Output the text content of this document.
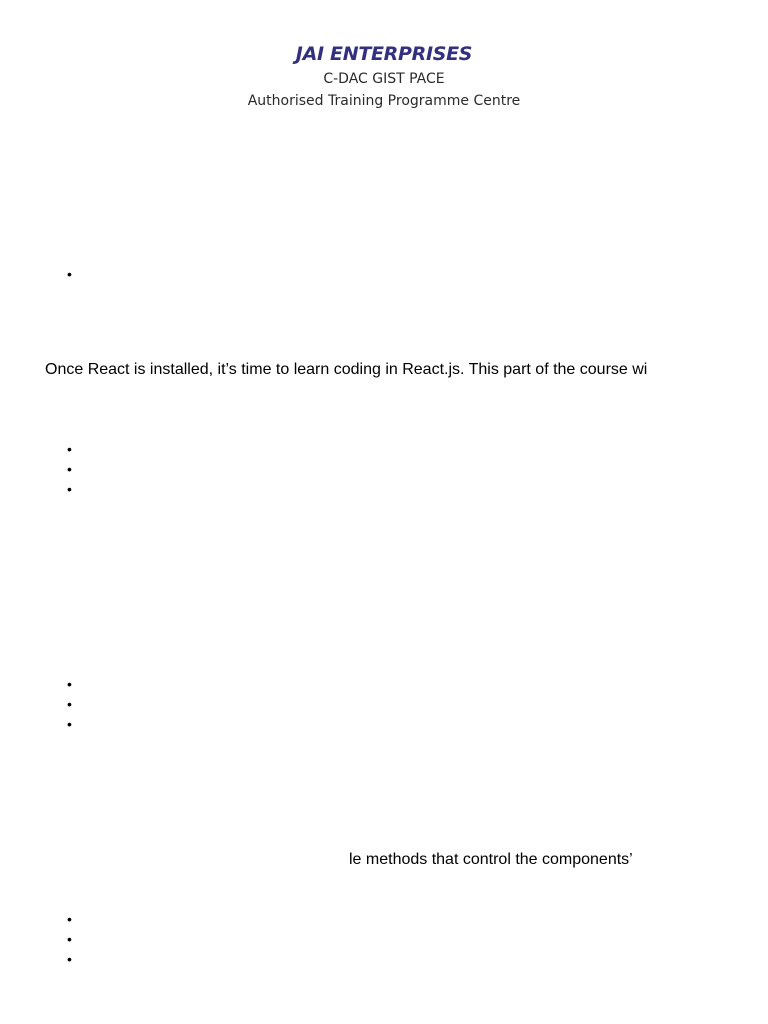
JAI ENTERPRISES
C-DAC GIST PACE
Authorised Training Programme Centre
•
Once React is installed, it’s time to learn coding in React.js. This part of the course wi
•
•
•
•
•
•
le methods that control the components’
•
•
•
